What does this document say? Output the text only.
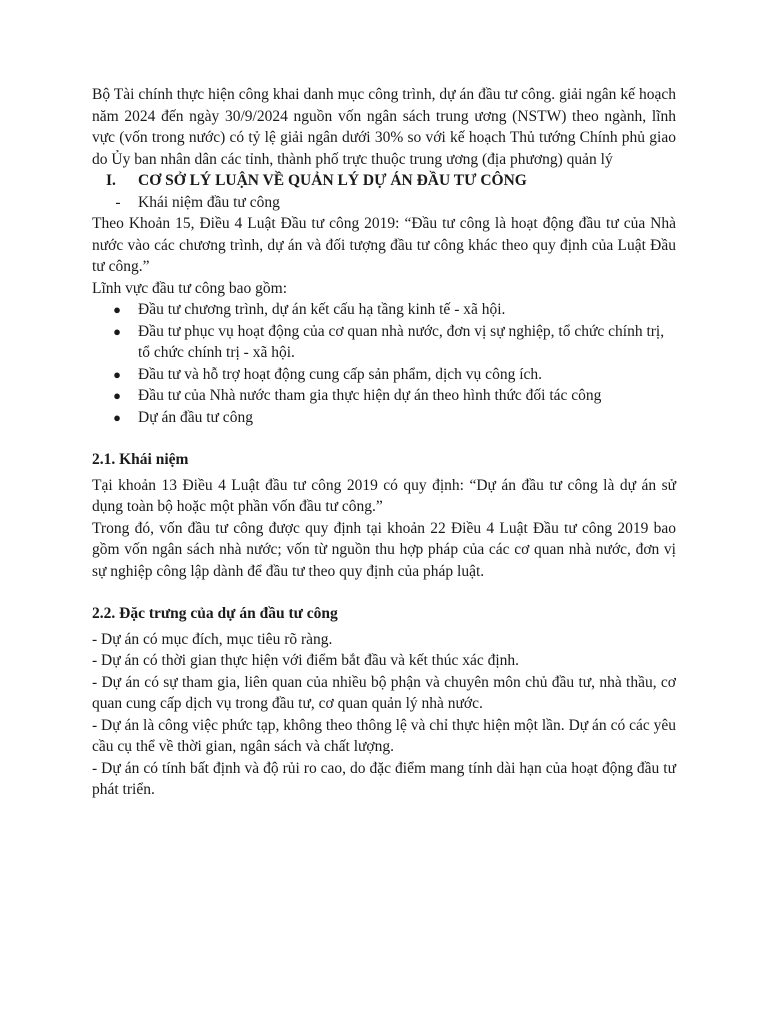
Bộ Tài chính thực hiện công khai danh mục công trình, dự án đầu tư công. giải ngân kế hoạch năm 2024 đến ngày 30/9/2024 nguồn vốn ngân sách trung ương (NSTW) theo ngành, lĩnh vực (vốn trong nước) có tỷ lệ giải ngân dưới 30% so với kế hoạch Thủ tướng Chính phủ giao do Ủy ban nhân dân các tỉnh, thành phố trực thuộc trung ương (địa phương) quản lý

I.	CƠ SỞ LÝ LUẬN VỀ QUẢN LÝ DỰ ÁN ĐẦU TƯ CÔNG
-	Khái niệm đầu tư công

Theo Khoản 15, Điều 4 Luật Đầu tư công 2019: “Đầu tư công là hoạt động đầu tư của Nhà nước vào các chương trình, dự án và đối tượng đầu tư công khác theo quy định của Luật Đầu tư công.”

Lĩnh vực đầu tư công bao gồm:

●	Đầu tư chương trình, dự án kết cấu hạ tầng kinh tế - xã hội.
●	Đầu tư phục vụ hoạt động của cơ quan nhà nước, đơn vị sự nghiệp, tổ chức chính trị, tổ chức chính trị - xã hội.
●	Đầu tư và hỗ trợ hoạt động cung cấp sản phẩm, dịch vụ công ích.
●	Đầu tư của Nhà nước tham gia thực hiện dự án theo hình thức đối tác công
●	Dự án đầu tư công

2.1. Khái niệm

Tại khoản 13 Điều 4 Luật đầu tư công 2019 có quy định: “Dự án đầu tư công là dự án sử dụng toàn bộ hoặc một phần vốn đầu tư công.”

Trong đó, vốn đầu tư công được quy định tại khoản 22 Điều 4 Luật Đầu tư công 2019 bao gồm vốn ngân sách nhà nước; vốn từ nguồn thu hợp pháp của các cơ quan nhà nước, đơn vị sự nghiệp công lập dành để đầu tư theo quy định của pháp luật.

2.2. Đặc trưng của dự án đầu tư công

- Dự án có mục đích, mục tiêu rõ ràng.

- Dự án có thời gian thực hiện với điểm bắt đầu và kết thúc xác định.

- Dự án có sự tham gia, liên quan của nhiều bộ phận và chuyên môn chủ đầu tư, nhà thầu, cơ quan cung cấp dịch vụ trong đầu tư, cơ quan quản lý nhà nước.

- Dự án là công việc phức tạp, không theo thông lệ và chỉ thực hiện một lần. Dự án có các yêu cầu cụ thể về thời gian, ngân sách và chất lượng.

- Dự án có tính bất định và độ rủi ro cao, do đặc điểm mang tính dài hạn của hoạt động đầu tư phát triển.
